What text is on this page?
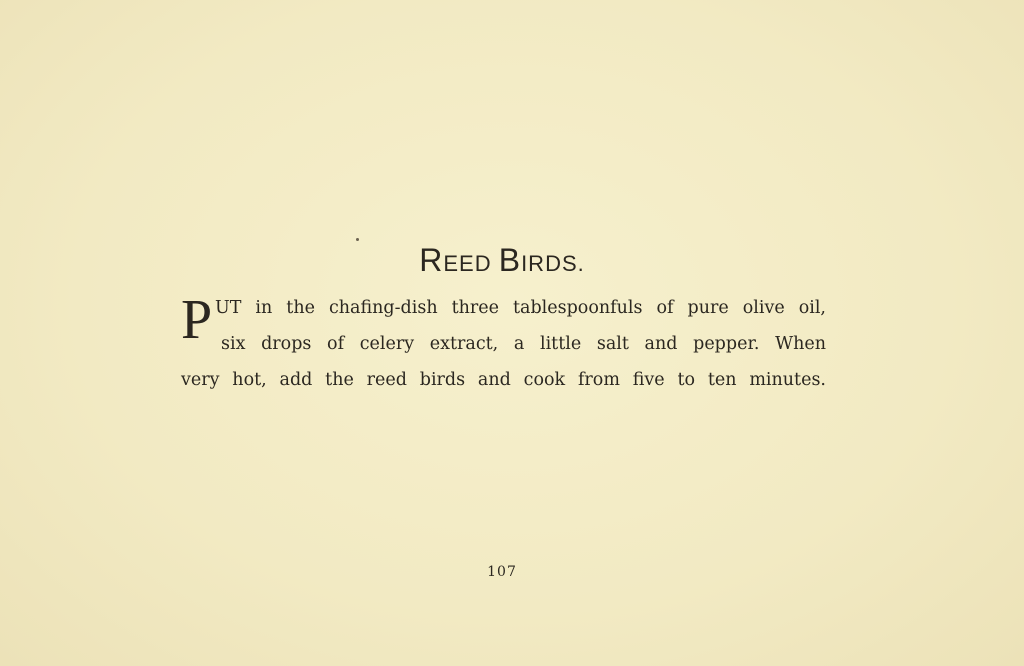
REED BIRDS.
P UT in the chafing-dish three tablespoonfuls of pure olive oil,
six drops of celery extract, a little salt and pepper. When
very hot, add the reed birds and cook from five to ten minutes.
107
